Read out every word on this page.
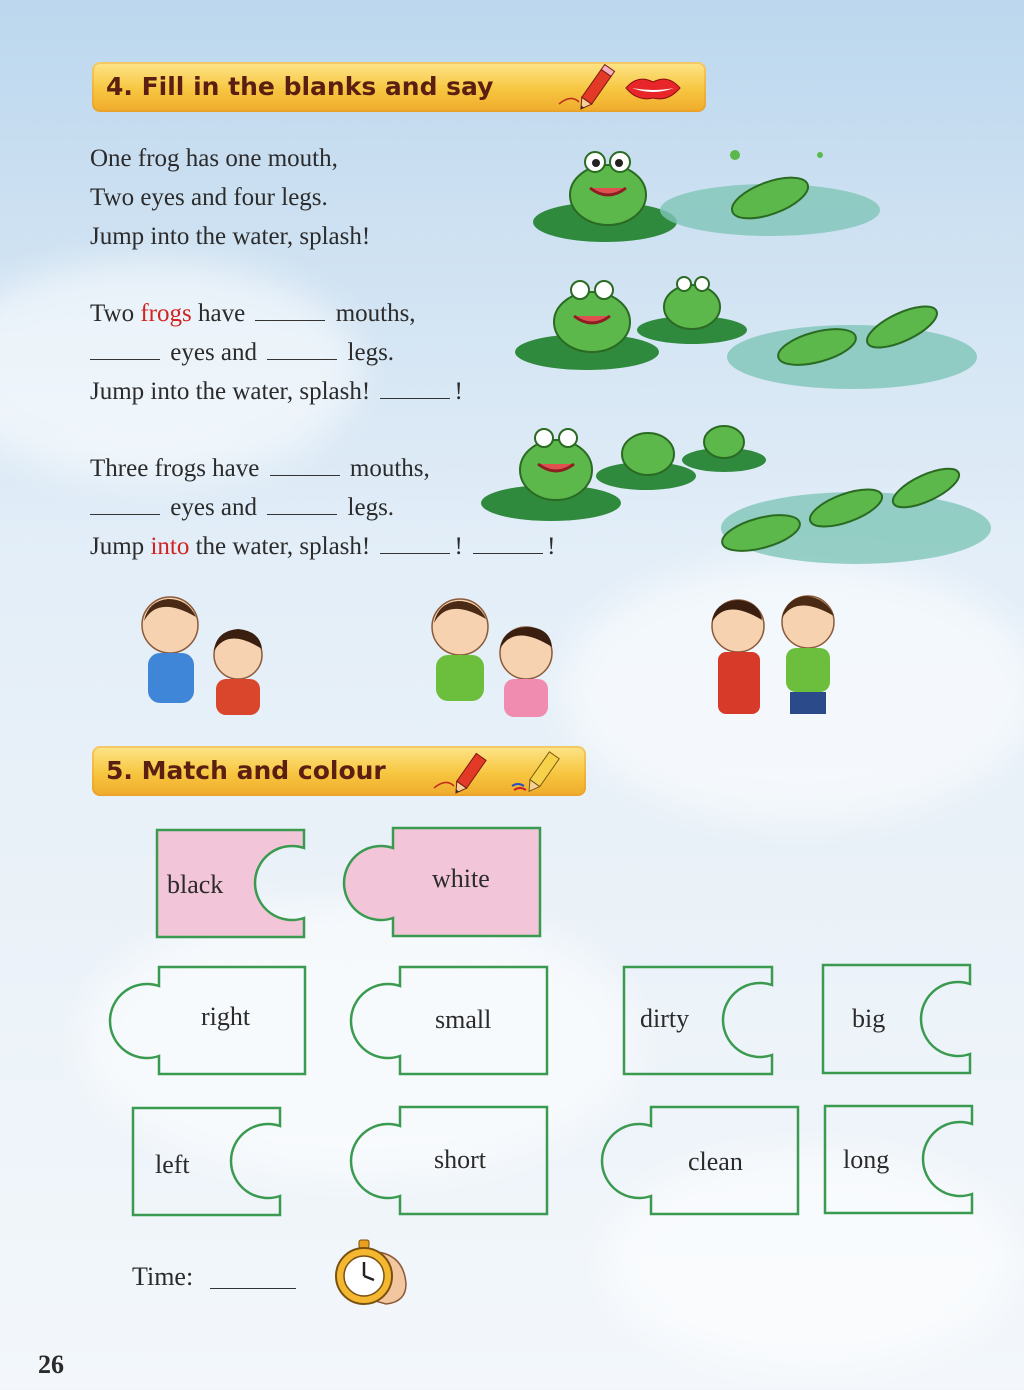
4. Fill in the blanks and say
One frog has one mouth,
Two eyes and four legs.
Jump into the water, splash!
Two frogs have	mouths,
eyes and	legs.
Jump into the water, splash!	!
Three frogs have	mouths,
eyes and	legs.
Jump into the water, splash!	!	!
5. Match and colour
black	white
right	small	dirty	big
left	short	clean	long
Time:
26
